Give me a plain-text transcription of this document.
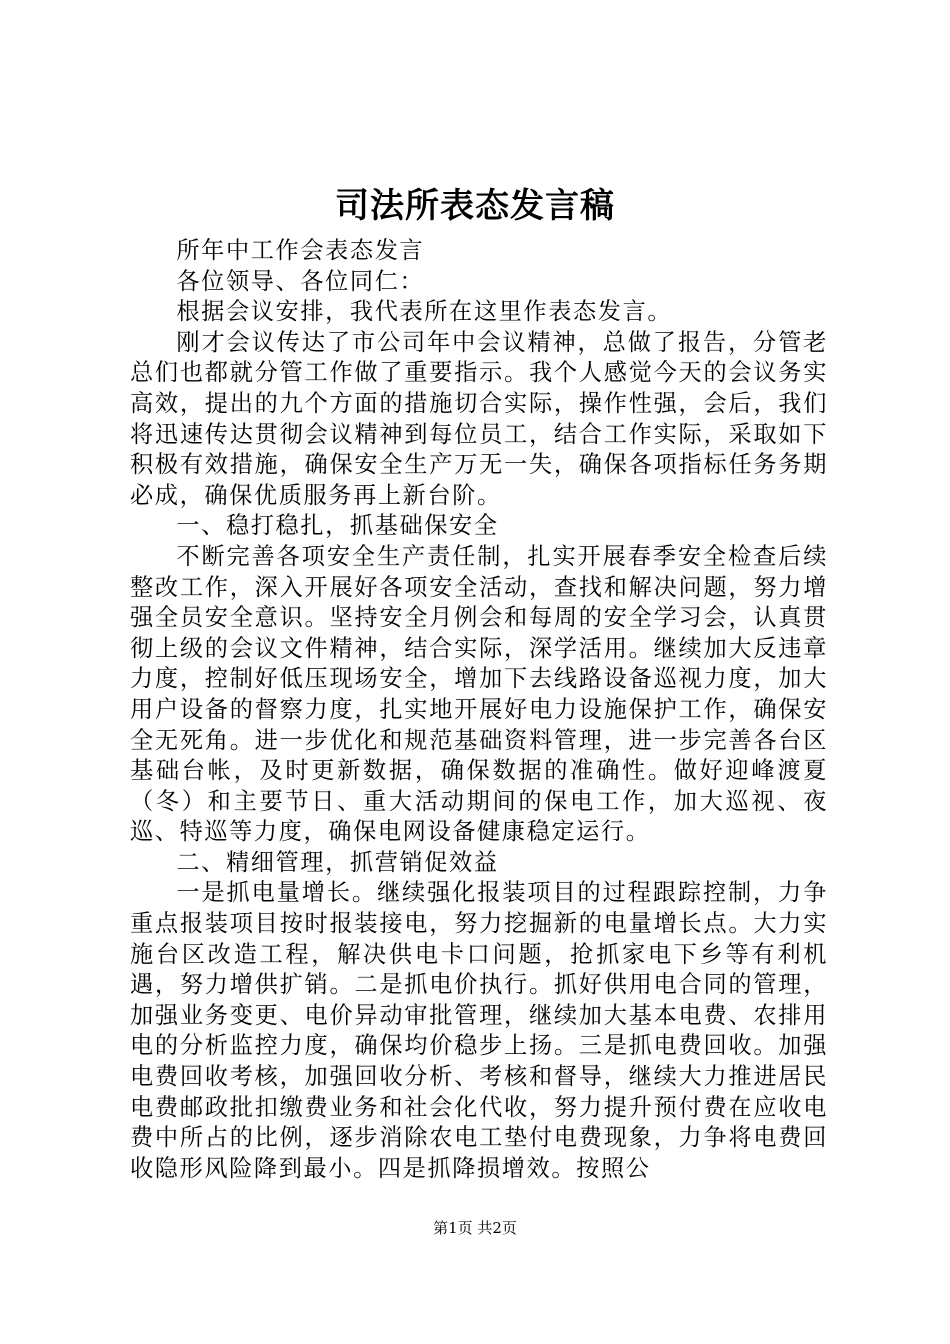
司法所表态发言稿

所年中工作会表态发言

各位领导、各位同仁：

根据会议安排，我代表所在这里作表态发言。

刚才会议传达了市公司年中会议精神，总做了报告，分管老总们也都就分管工作做了重要指示。我个人感觉今天的会议务实高效，提出的九个方面的措施切合实际，操作性强，会后，我们将迅速传达贯彻会议精神到每位员工，结合工作实际，采取如下积极有效措施，确保安全生产万无一失，确保各项指标任务务期必成，确保优质服务再上新台阶。

一、稳打稳扎，抓基础保安全

不断完善各项安全生产责任制，扎实开展春季安全检查后续整改工作，深入开展好各项安全活动，查找和解决问题，努力增强全员安全意识。坚持安全月例会和每周的安全学习会，认真贯彻上级的会议文件精神，结合实际，深学活用。继续加大反违章力度，控制好低压现场安全，增加下去线路设备巡视力度，加大用户设备的督察力度，扎实地开展好电力设施保护工作，确保安全无死角。进一步优化和规范基础资料管理，进一步完善各台区基础台帐，及时更新数据，确保数据的准确性。做好迎峰渡夏（冬）和主要节日、重大活动期间的保电工作，加大巡视、夜巡、特巡等力度，确保电网设备健康稳定运行。

二、精细管理，抓营销促效益

一是抓电量增长。继续强化报装项目的过程跟踪控制，力争重点报装项目按时报装接电，努力挖掘新的电量增长点。大力实施台区改造工程，解决供电卡口问题，抢抓家电下乡等有利机遇，努力增供扩销。二是抓电价执行。抓好供用电合同的管理，加强业务变更、电价异动审批管理，继续加大基本电费、农排用电的分析监控力度，确保均价稳步上扬。三是抓电费回收。加强电费回收考核，加强回收分析、考核和督导，继续大力推进居民电费邮政批扣缴费业务和社会化代收，努力提升预付费在应收电费中所占的比例，逐步消除农电工垫付电费现象，力争将电费回收隐形风险降到最小。四是抓降损增效。按照公

第1页 共2页
